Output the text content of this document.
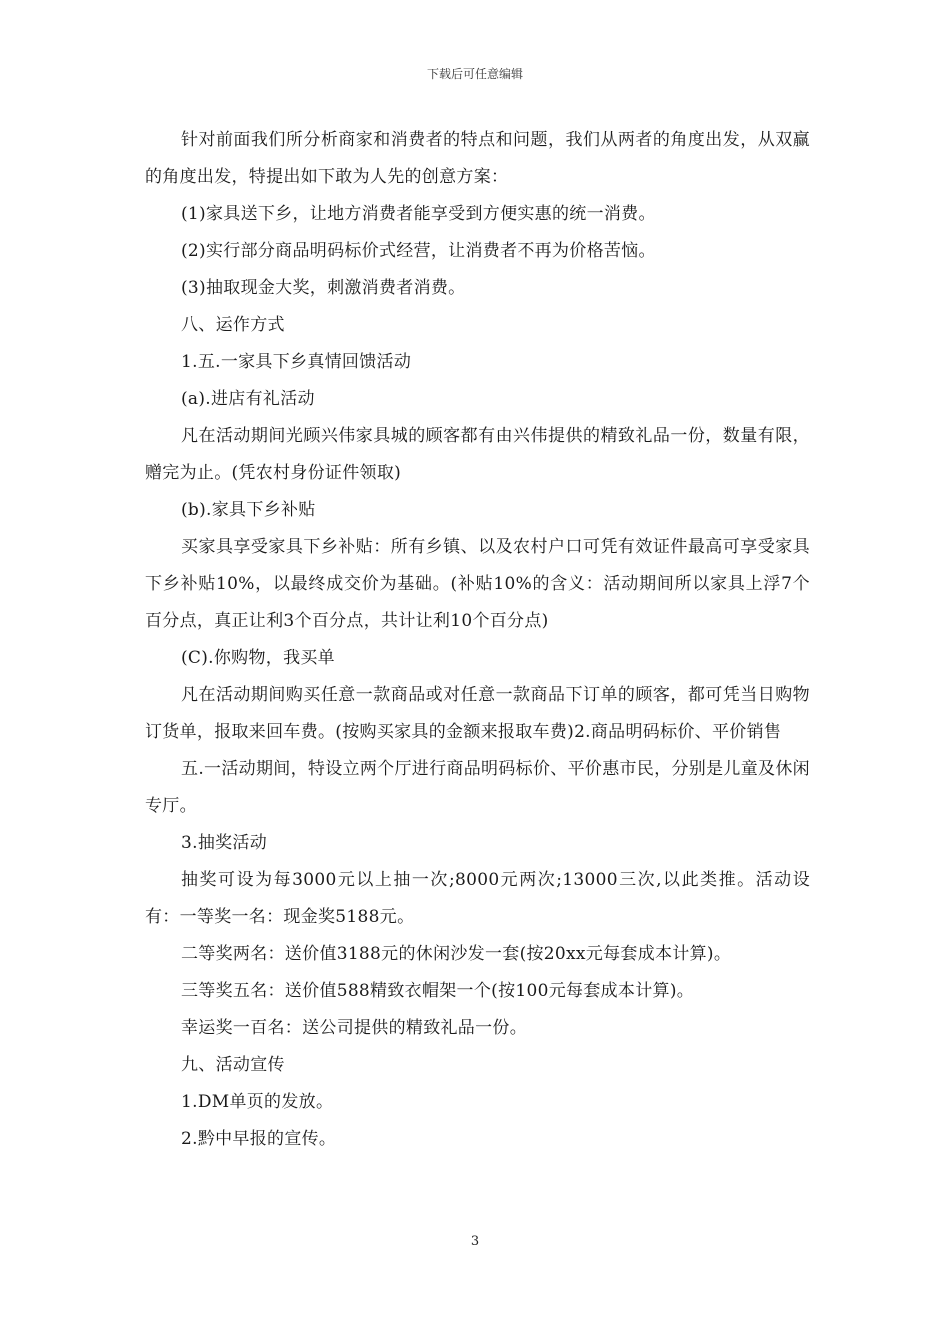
下载后可任意编辑

针对前面我们所分析商家和消费者的特点和问题，我们从两者的角度出发，从双赢的角度出发，特提出如下敢为人先的创意方案：

(1)家具送下乡，让地方消费者能享受到方便实惠的统一消费。

(2)实行部分商品明码标价式经营，让消费者不再为价格苦恼。

(3)抽取现金大奖，刺激消费者消费。

八、运作方式

1.五.一家具下乡真情回馈活动

(a).进店有礼活动

凡在活动期间光顾兴伟家具城的顾客都有由兴伟提供的精致礼品一份，数量有限，赠完为止。(凭农村身份证件领取)

(b).家具下乡补贴

买家具享受家具下乡补贴：所有乡镇、以及农村户口可凭有效证件最高可享受家具下乡补贴10%，以最终成交价为基础。(补贴10%的含义：活动期间所以家具上浮7个百分点，真正让利3个百分点，共计让利10个百分点)

(C).你购物，我买单

凡在活动期间购买任意一款商品或对任意一款商品下订单的顾客，都可凭当日购物订货单，报取来回车费。(按购买家具的金额来报取车费)2.商品明码标价、平价销售

五.一活动期间，特设立两个厅进行商品明码标价、平价惠市民，分别是儿童及休闲专厅。

3.抽奖活动

抽奖可设为每3000元以上抽一次;8000元两次;13000三次,以此类推。活动设有：一等奖一名：现金奖5188元。

二等奖两名：送价值3188元的休闲沙发一套(按20xx元每套成本计算)。

三等奖五名：送价值588精致衣帽架一个(按100元每套成本计算)。

幸运奖一百名：送公司提供的精致礼品一份。

九、活动宣传

1.DM单页的发放。

2.黔中早报的宣传。

3
